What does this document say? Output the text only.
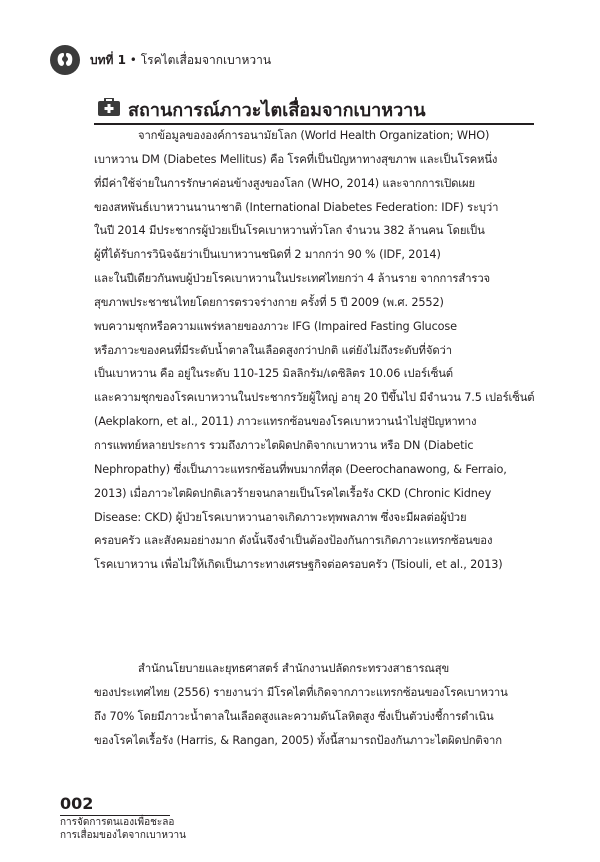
บทที่ 1 • โรคไตเสื่อมจากเบาหวาน
สถานการณ์ภาวะไตเสื่อมจากเบาหวาน
จากข้อมูลขององค์การอนามัยโลก (World Health Organization; WHO)
เบาหวาน DM (Diabetes Mellitus) คือ โรคที่เป็นปัญหาทางสุขภาพ และเป็นโรคหนึ่ง
ที่มีค่าใช้จ่ายในการรักษาค่อนข้างสูงของโลก (WHO, 2014) และจากการเปิดเผย
ของสหพันธ์เบาหวานนานาชาติ (International Diabetes Federation: IDF) ระบุว่า
ในปี 2014 มีประชากรผู้ป่วยเป็นโรคเบาหวานทั่วโลก จำนวน 382 ล้านคน โดยเป็น
ผู้ที่ได้รับการวินิจฉัยว่าเป็นเบาหวานชนิดที่ 2 มากกว่า 90 % (IDF, 2014)
และในปีเดียวกันพบผู้ป่วยโรคเบาหวานในประเทศไทยกว่า 4 ล้านราย จากการสำรวจ
สุขภาพประชาชนไทยโดยการตรวจร่างกาย ครั้งที่ 5 ปี 2009 (พ.ศ. 2552)
พบความชุกหรือความแพร่หลายของภาวะ IFG (Impaired Fasting Glucose
หรือภาวะของคนที่มีระดับน้ำตาลในเลือดสูงกว่าปกติ แต่ยังไม่ถึงระดับที่จัดว่า
เป็นเบาหวาน คือ อยู่ในระดับ 110-125 มิลลิกรัม/เดซิลิตร 10.06 เปอร์เซ็นต์
และความชุกของโรคเบาหวานในประชากรวัยผู้ใหญ่ อายุ 20 ปีขึ้นไป มีจำนวน 7.5 เปอร์เซ็นต์
(Aekplakorn, et al., 2011) ภาวะแทรกซ้อนของโรคเบาหวานนำไปสู่ปัญหาทาง
การแพทย์หลายประการ รวมถึงภาวะไตผิดปกติจากเบาหวาน หรือ DN (Diabetic
Nephropathy) ซึ่งเป็นภาวะแทรกซ้อนที่พบมากที่สุด (Deerochanawong, & Ferraio,
2013) เมื่อภาวะไตผิดปกติเลวร้ายจนกลายเป็นโรคไตเรื้อรัง CKD (Chronic Kidney
Disease: CKD) ผู้ป่วยโรคเบาหวานอาจเกิดภาวะทุพพลภาพ ซึ่งจะมีผลต่อผู้ป่วย
ครอบครัว และสังคมอย่างมาก ดังนั้นจึงจำเป็นต้องป้องกันการเกิดภาวะแทรกซ้อนของ
โรคเบาหวาน เพื่อไม่ให้เกิดเป็นภาระทางเศรษฐกิจต่อครอบครัว (Tsiouli, et al., 2013)
สำนักนโยบายและยุทธศาสตร์ สำนักงานปลัดกระทรวงสาธารณสุข
ของประเทศไทย (2556) รายงานว่า มีโรคไตที่เกิดจากภาวะแทรกซ้อนของโรคเบาหวาน
ถึง 70% โดยมีภาวะน้ำตาลในเลือดสูงและความดันโลหิตสูง ซึ่งเป็นตัวบ่งชี้การดำเนิน
ของโรคไตเรื้อรัง (Harris, & Rangan, 2005) ทั้งนี้สามารถป้องกันภาวะไตผิดปกติจาก
002
การจัดการตนเองเพื่อชะลอ
การเสื่อมของไตจากเบาหวาน
